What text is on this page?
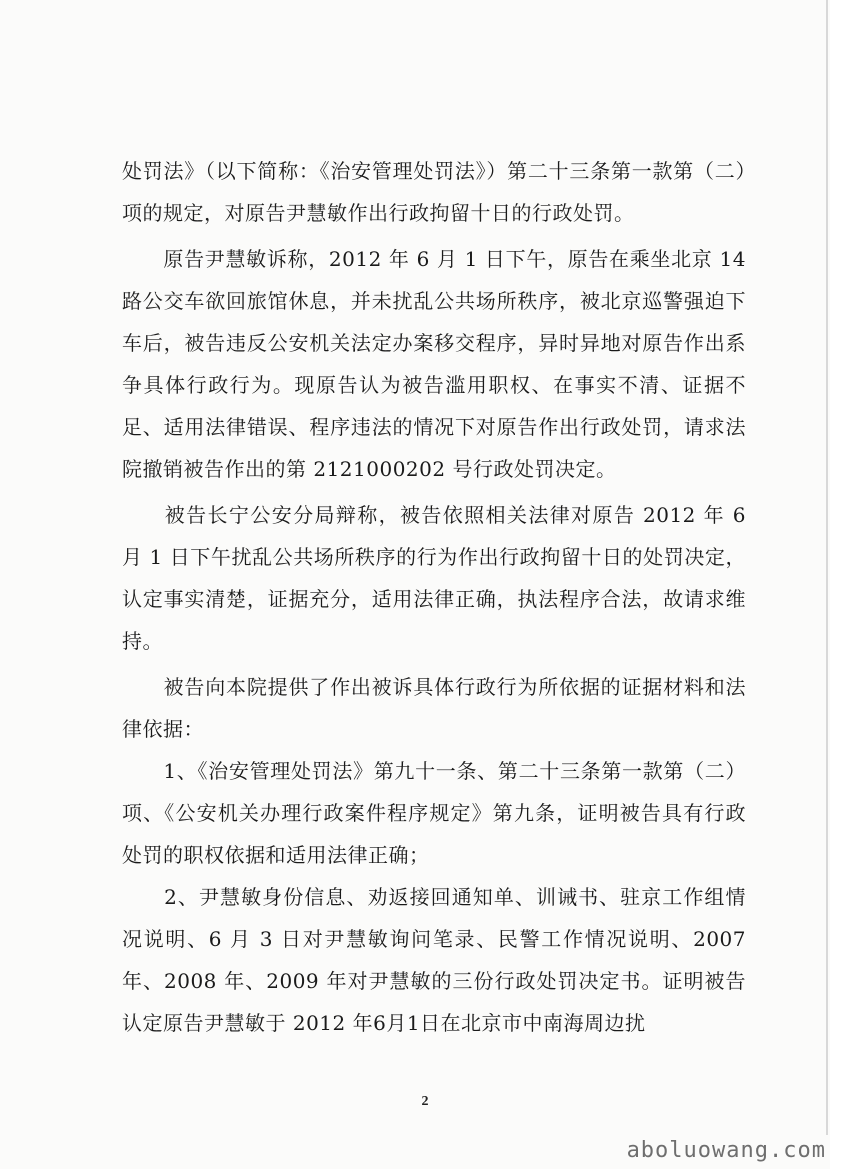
处罚法》（以下简称：《治安管理处罚法》）第二十三条第一款第（二）项的规定，对原告尹慧敏作出行政拘留十日的行政处罚。

　　原告尹慧敏诉称，2012 年 6 月 1 日下午，原告在乘坐北京 14 路公交车欲回旅馆休息，并未扰乱公共场所秩序，被北京巡警强迫下车后，被告违反公安机关法定办案移交程序，异时异地对原告作出系争具体行政行为。现原告认为被告滥用职权、在事实不清、证据不足、适用法律错误、程序违法的情况下对原告作出行政处罚，请求法院撤销被告作出的第 2121000202 号行政处罚决定。

　　被告长宁公安分局辩称，被告依照相关法律对原告 2012 年 6 月 1 日下午扰乱公共场所秩序的行为作出行政拘留十日的处罚决定，认定事实清楚，证据充分，适用法律正确，执法程序合法，故请求维持。

　　被告向本院提供了作出被诉具体行政行为所依据的证据材料和法律依据：

　　1、《治安管理处罚法》第九十一条、第二十三条第一款第（二）项、《公安机关办理行政案件程序规定》第九条，证明被告具有行政处罚的职权依据和适用法律正确；

　　2、尹慧敏身份信息、劝返接回通知单、训诫书、驻京工作组情况说明、6 月 3 日对尹慧敏询问笔录、民警工作情况说明、2007 年、2008 年、2009 年对尹慧敏的三份行政处罚决定书。证明被告认定原告尹慧敏于 2012 年6月1日在北京市中南海周边扰

2
aboluowang.com
